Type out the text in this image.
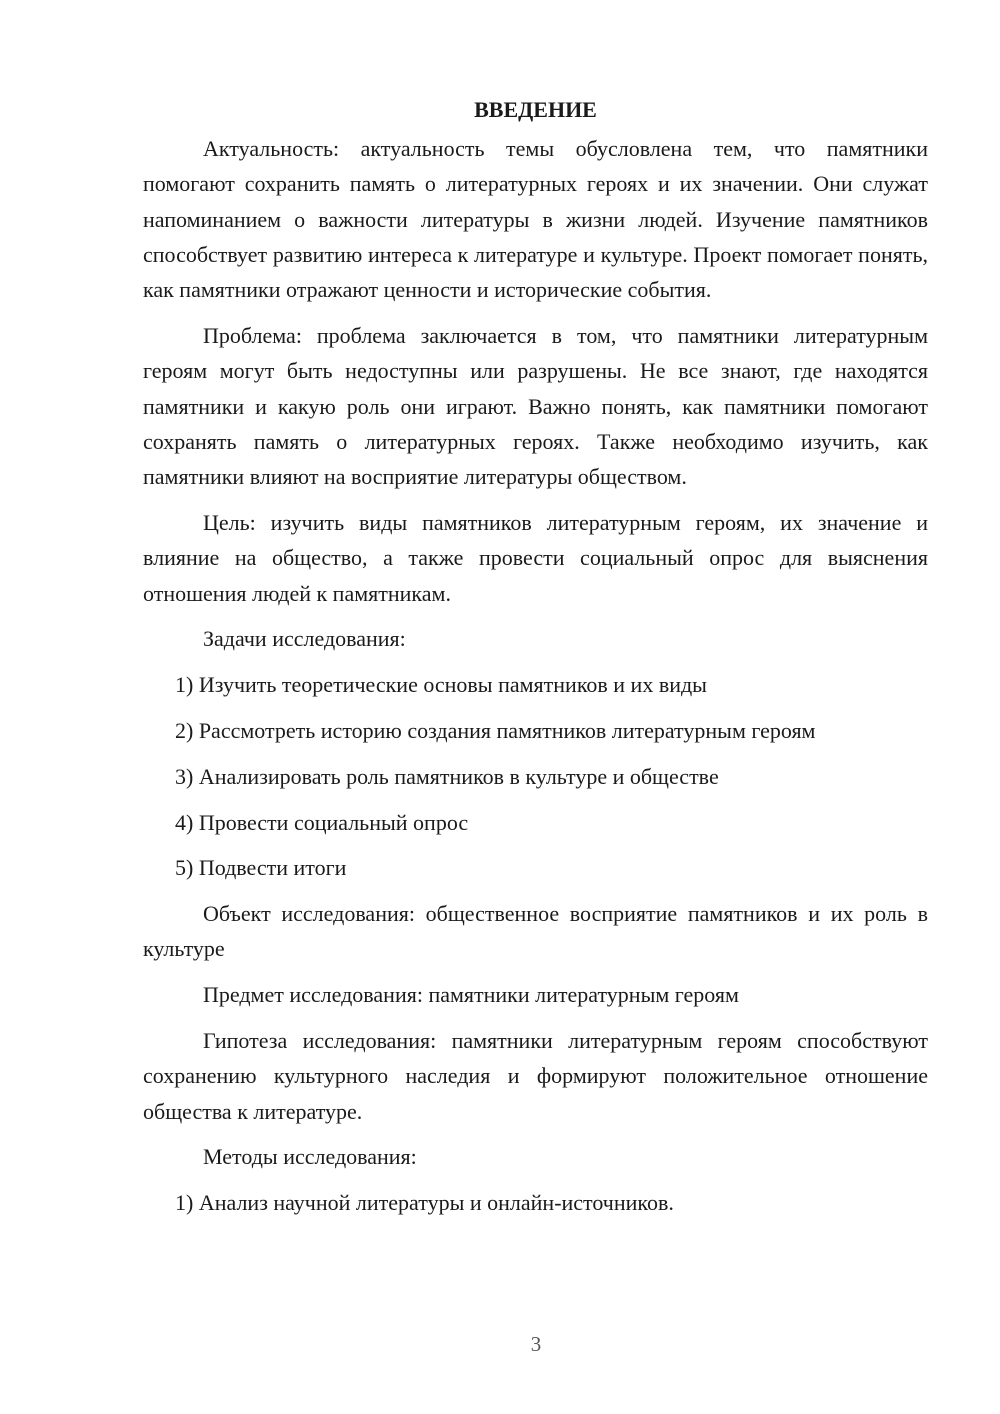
ВВЕДЕНИЕ

Актуальность: актуальность темы обусловлена тем, что памятники помогают сохранить память о литературных героях и их значении. Они служат напоминанием о важности литературы в жизни людей. Изучение памятников способствует развитию интереса к литературе и культуре. Проект помогает понять, как памятники отражают ценности и исторические события.

Проблема: проблема заключается в том, что памятники литературным героям могут быть недоступны или разрушены. Не все знают, где находятся памятники и какую роль они играют. Важно понять, как памятники помогают сохранять память о литературных героях. Также необходимо изучить, как памятники влияют на восприятие литературы обществом.

Цель: изучить виды памятников литературным героям, их значение и влияние на общество, а также провести социальный опрос для выяснения отношения людей к памятникам.

Задачи исследования:

1) Изучить теоретические основы памятников и их виды

2) Рассмотреть историю создания памятников литературным героям

3) Анализировать роль памятников в культуре и обществе

4) Провести социальный опрос

5) Подвести итоги

Объект исследования: общественное восприятие памятников и их роль в культуре

Предмет исследования: памятники литературным героям

Гипотеза исследования: памятники литературным героям способствуют сохранению культурного наследия и формируют положительное отношение общества к литературе.

Методы исследования:

1) Анализ научной литературы и онлайн-источников.

3
